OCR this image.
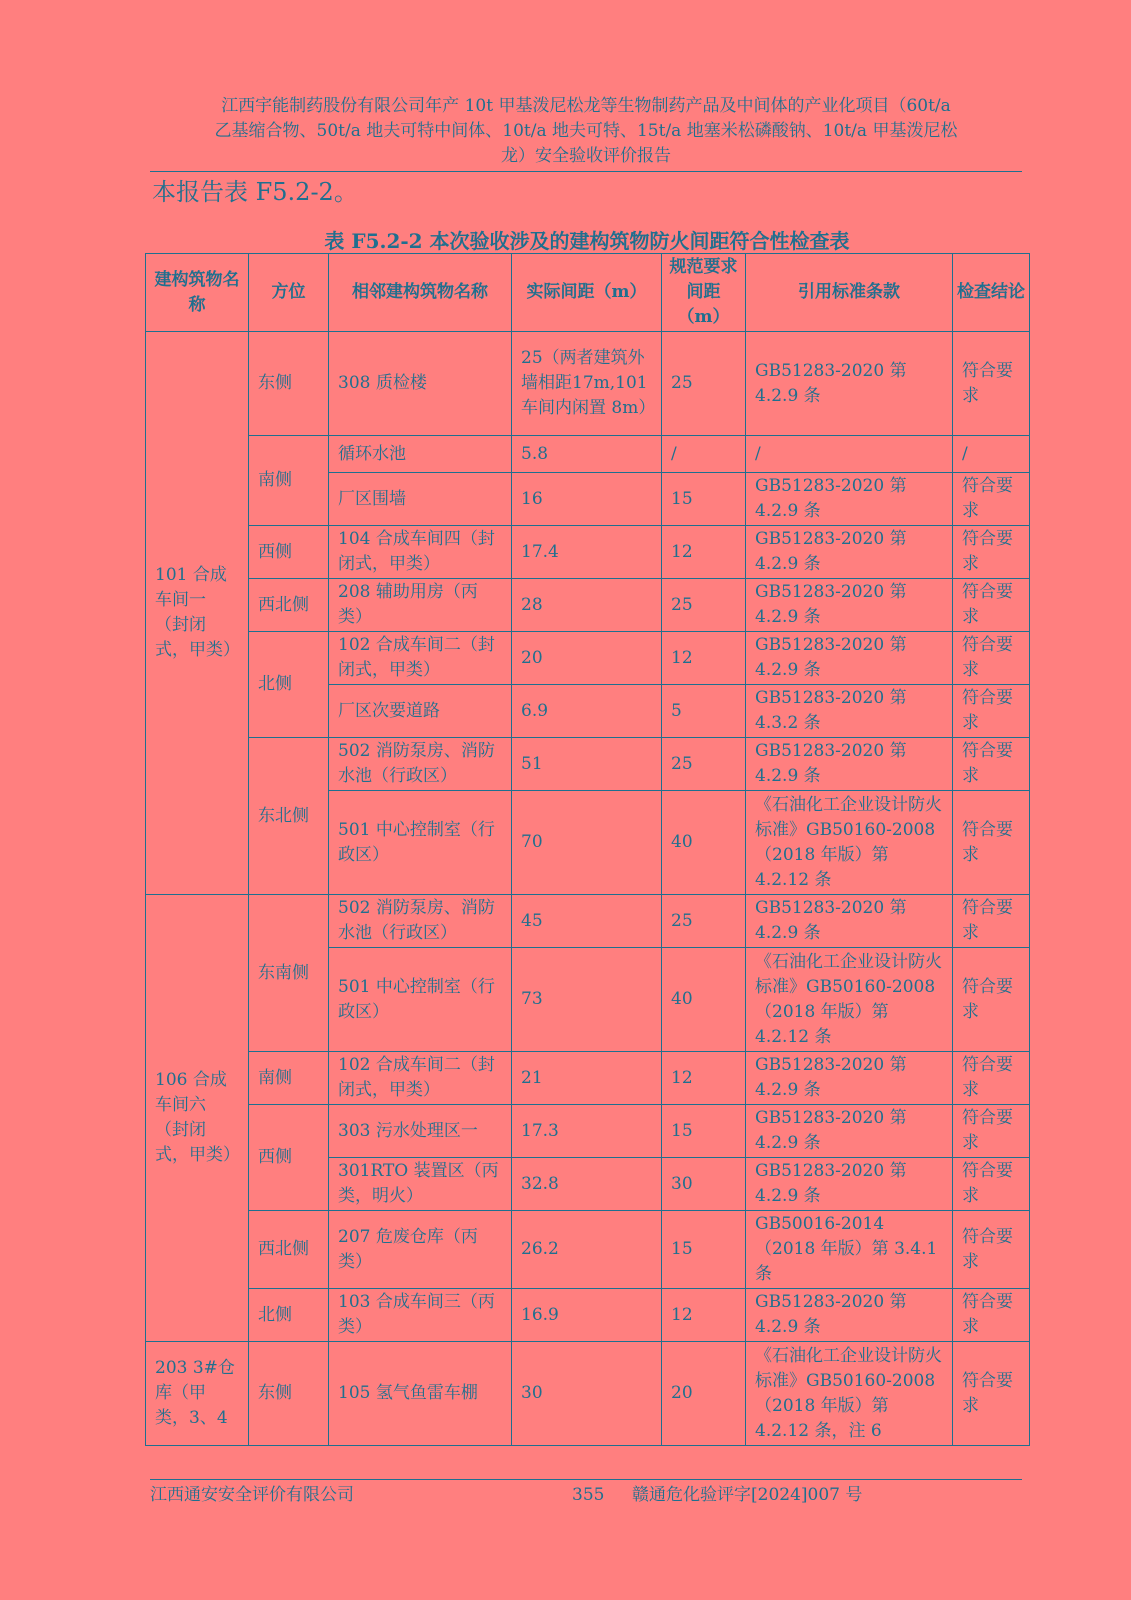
江西宇能制药股份有限公司年产 10t 甲基泼尼松龙等生物制药产品及中间体的产业化项目（60t/a
乙基缩合物、50t/a 地夫可特中间体、10t/a 地夫可特、15t/a 地塞米松磷酸钠、10t/a 甲基泼尼松
龙）安全验收评价报告
本报告表 F5.2-2。
表 F5.2-2 本次验收涉及的建构筑物防火间距符合性检查表
建构筑物名称	方位	相邻建构筑物名称	实际间距（m）	规范要求间距（m）	引用标准条款	检查结论
101 合成车间一（封闭式，甲类）	东侧	308 质检楼	25（两者建筑外墙相距17m,101 车间内闲置 8m）	25	GB51283-2020 第 4.2.9 条	符合要求
	南侧	循环水池	5.8	/	/	/
		厂区围墙	16	15	GB51283-2020 第 4.2.9 条	符合要求
	西侧	104 合成车间四（封闭式，甲类）	17.4	12	GB51283-2020 第 4.2.9 条	符合要求
	西北侧	208 辅助用房（丙类）	28	25	GB51283-2020 第 4.2.9 条	符合要求
	北侧	102 合成车间二（封闭式，甲类）	20	12	GB51283-2020 第 4.2.9 条	符合要求
		厂区次要道路	6.9	5	GB51283-2020 第 4.3.2 条	符合要求
	东北侧	502 消防泵房、消防水池（行政区）	51	25	GB51283-2020 第 4.2.9 条	符合要求
		501 中心控制室（行政区）	70	40	《石油化工企业设计防火标准》GB50160-2008（2018 年版）第 4.2.12 条	符合要求
106 合成车间六（封闭式，甲类）	东南侧	502 消防泵房、消防水池（行政区）	45	25	GB51283-2020 第 4.2.9 条	符合要求
		501 中心控制室（行政区）	73	40	《石油化工企业设计防火标准》GB50160-2008（2018 年版）第 4.2.12 条	符合要求
	南侧	102 合成车间二（封闭式，甲类）	21	12	GB51283-2020 第 4.2.9 条	符合要求
	西侧	303 污水处理区一	17.3	15	GB51283-2020 第 4.2.9 条	符合要求
		301RTO 装置区（丙类，明火）	32.8	30	GB51283-2020 第 4.2.9 条	符合要求
	西北侧	207 危废仓库（丙类）	26.2	15	GB50016-2014（2018 年版）第 3.4.1 条	符合要求
	北侧	103 合成车间三（丙类）	16.9	12	GB51283-2020 第 4.2.9 条	符合要求
203 3#仓库（甲类，3、4	东侧	105 氢气鱼雷车棚	30	20	《石油化工企业设计防火标准》GB50160-2008（2018 年版）第 4.2.12 条，注 6	符合要求
江西通安安全评价有限公司	355 赣通危化验评字[2024]007 号
